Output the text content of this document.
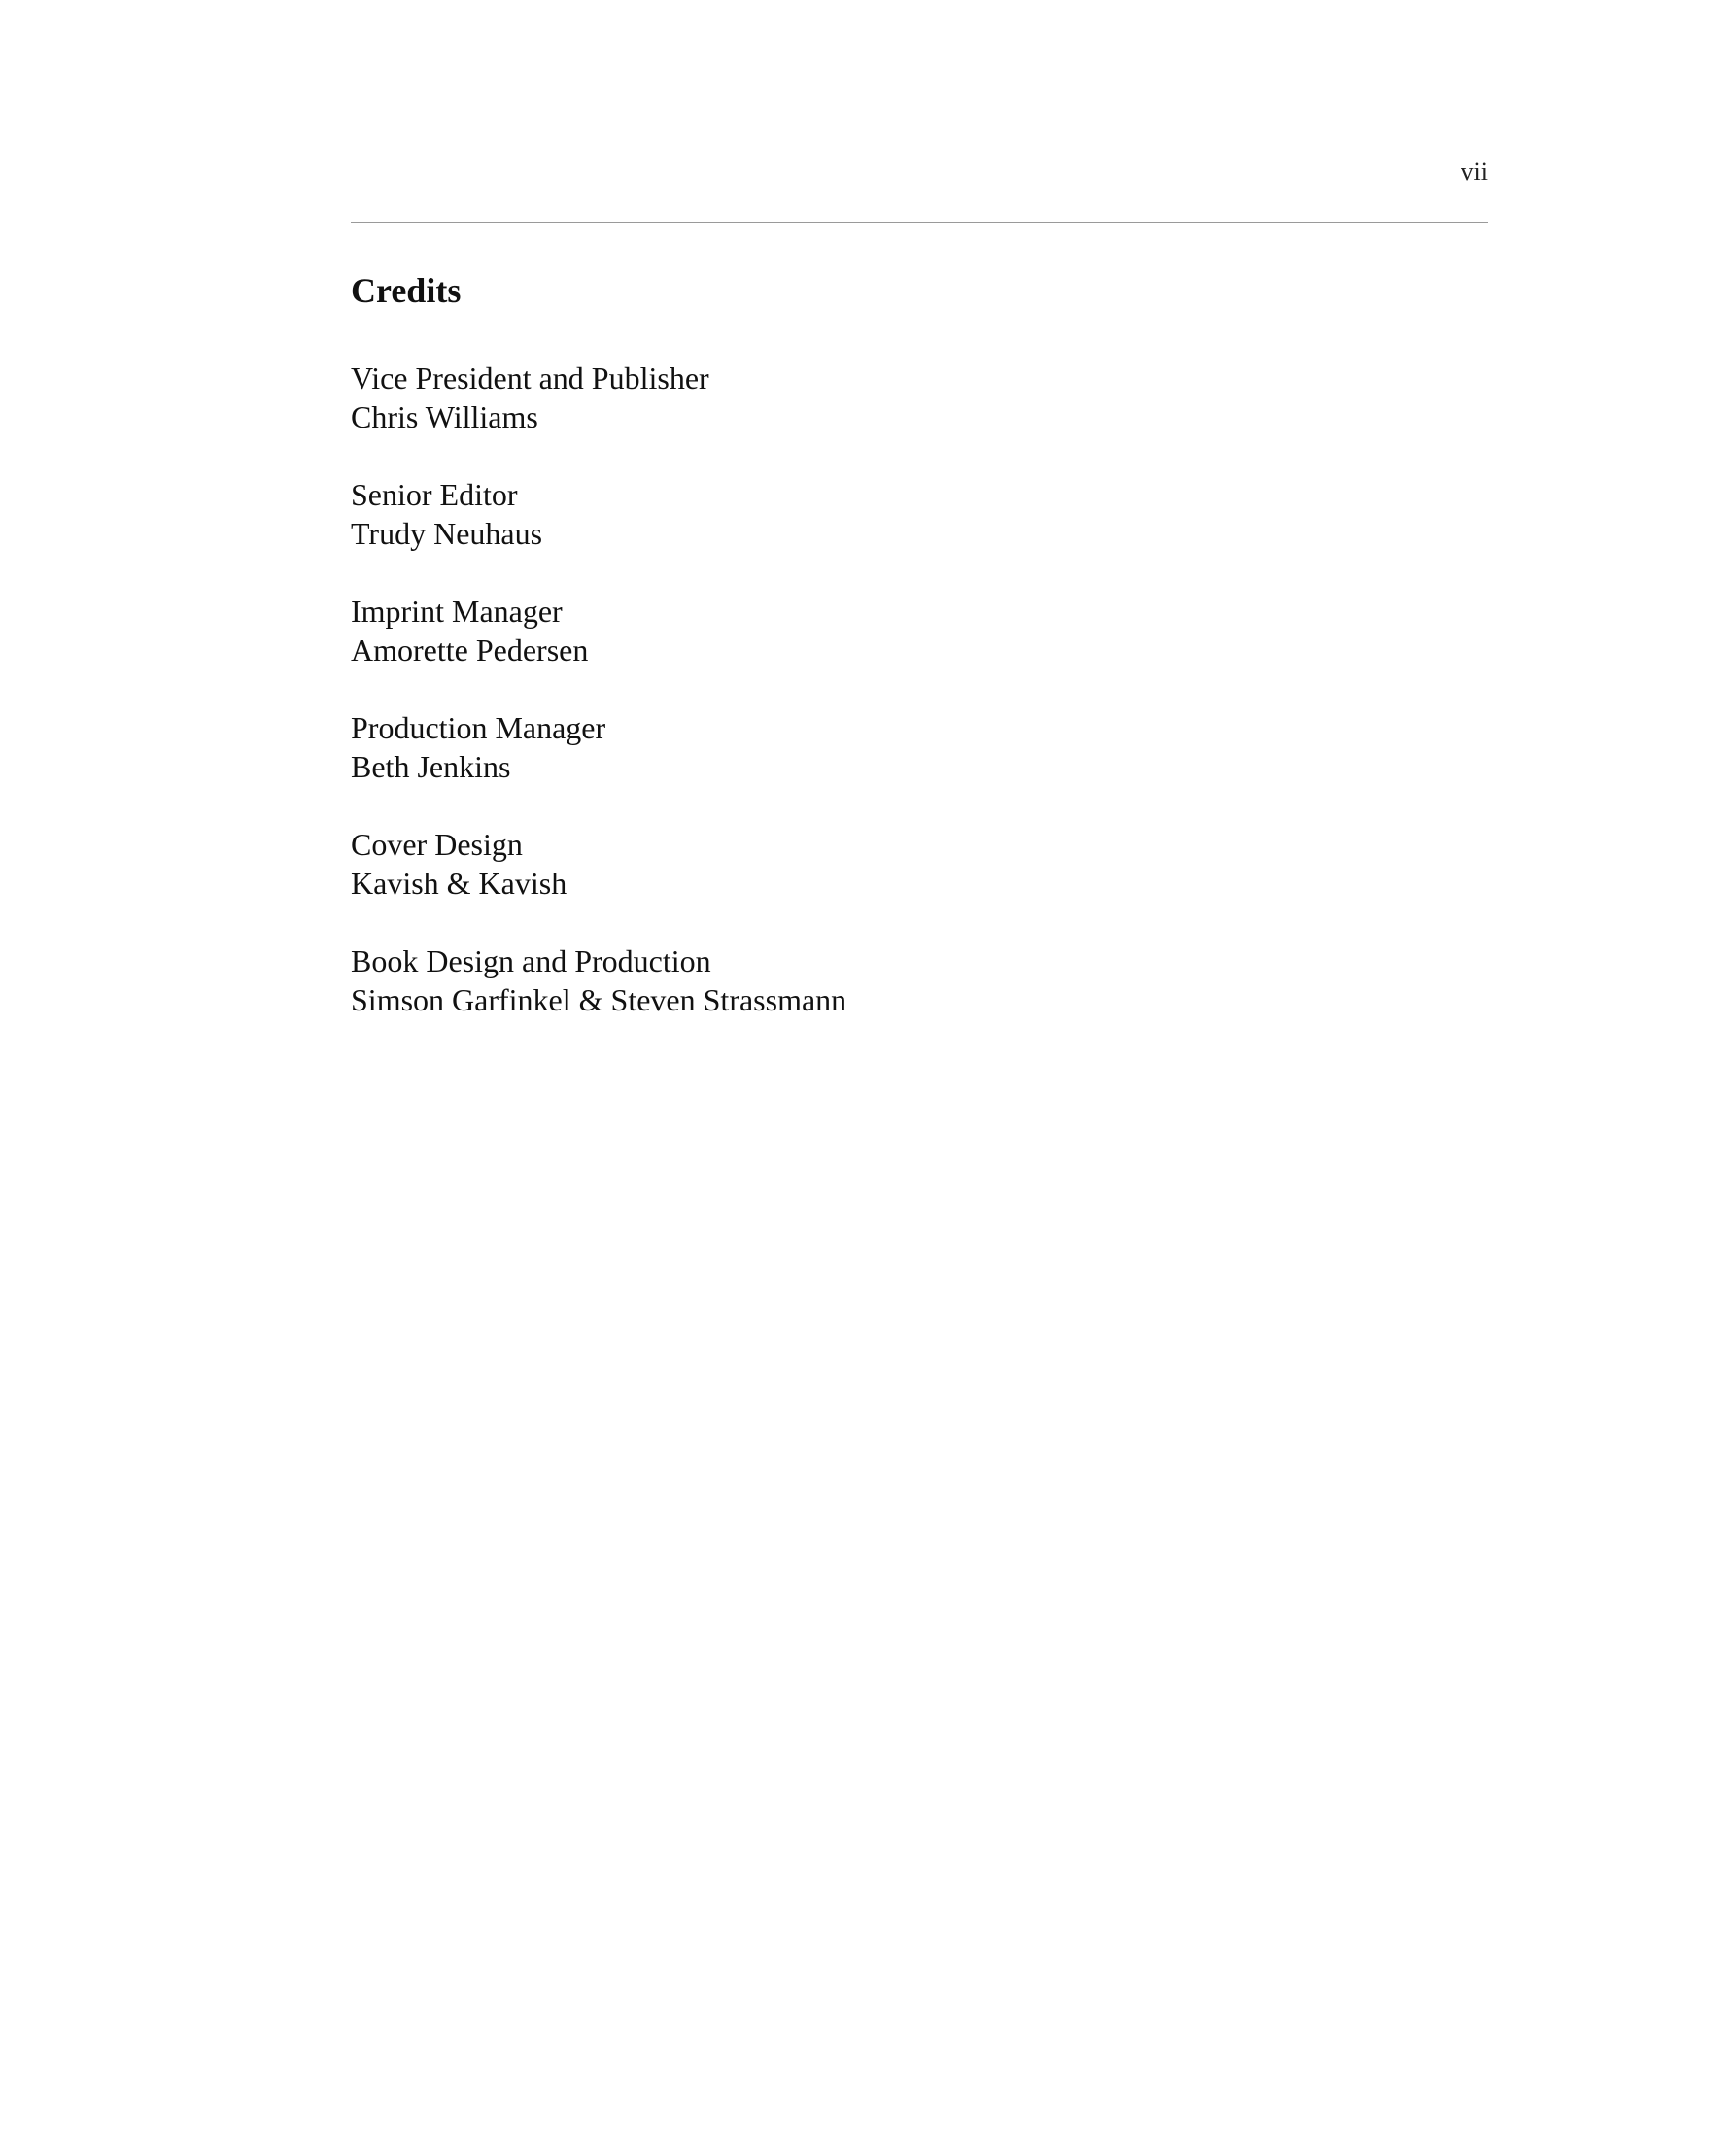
vii
Credits
Vice President and Publisher
Chris Williams
Senior Editor
Trudy Neuhaus
Imprint Manager
Amorette Pedersen
Production Manager
Beth Jenkins
Cover Design
Kavish & Kavish
Book Design and Production
Simson Garfinkel & Steven Strassmann
